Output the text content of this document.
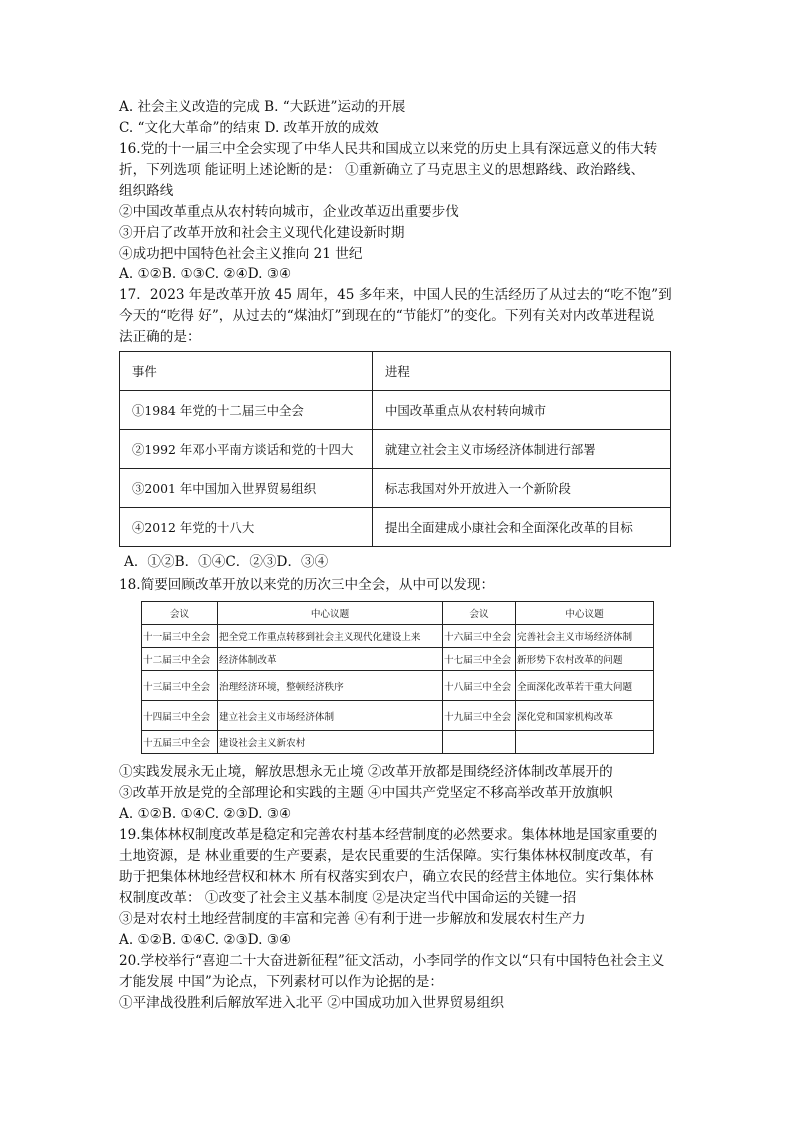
A. 社会主义改造的完成 B. “大跃进”运动的开展
C. “文化大革命”的结束 D. 改革开放的成效
16.党的十一届三中全会实现了中华人民共和国成立以来党的历史上具有深远意义的伟大转
折，下列选项 能证明上述论断的是： ①重新确立了马克思主义的思想路线、政治路线、
组织路线
②中国改革重点从农村转向城市，企业改革迈出重要步伐
③开启了改革开放和社会主义现代化建设新时期
④成功把中国特色社会主义推向 21 世纪
A. ①②B. ①③C. ②④D. ③④
17．2023 年是改革开放 45 周年，45 多年来，中国人民的生活经历了从过去的“吃不饱”到
今天的“吃得 好”，从过去的“煤油灯”到现在的“节能灯”的变化。下列有关对内改革进程说
法正确的是：
事件	进程
①1984 年党的十二届三中全会	中国改革重点从农村转向城市
②1992 年邓小平南方谈话和党的十四大	就建立社会主义市场经济体制进行部署
③2001 年中国加入世界贸易组织	标志我国对外开放进入一个新阶段
④2012 年党的十八大	提出全面建成小康社会和全面深化改革的目标
A．①②B．①④C．②③D．③④
18.简要回顾改革开放以来党的历次三中全会，从中可以发现：
会议	中心议题	会议	中心议题
十一届三中全会	把全党工作重点转移到社会主义现代化建设上来	十六届三中全会	完善社会主义市场经济体制
十二届三中全会	经济体制改革	十七届三中全会	新形势下农村改革的问题
十三届三中全会	治理经济环境，整顿经济秩序	十八届三中全会	全面深化改革若干重大问题
十四届三中全会	建立社会主义市场经济体制	十九届三中全会	深化党和国家机构改革
十五届三中全会	建设社会主义新农村		
①实践发展永无止境，解放思想永无止境 ②改革开放都是围绕经济体制改革展开的
③改革开放是党的全部理论和实践的主题 ④中国共产党坚定不移高举改革开放旗帜
A. ①②B. ①④C. ②③D. ③④
19.集体林权制度改革是稳定和完善农村基本经营制度的必然要求。集体林地是国家重要的
土地资源，是 林业重要的生产要素，是农民重要的生活保障。实行集体林权制度改革，有
助于把集体林地经营权和林木 所有权落实到农户，确立农民的经营主体地位。实行集体林
权制度改革： ①改变了社会主义基本制度 ②是决定当代中国命运的关键一招
③是对农村土地经营制度的丰富和完善 ④有利于进一步解放和发展农村生产力
A. ①②B. ①④C. ②③D. ③④
20.学校举行“喜迎二十大奋进新征程”征文活动，小李同学的作文以“只有中国特色社会主义
才能发展 中国”为论点，下列素材可以作为论据的是：
①平津战役胜利后解放军进入北平 ②中国成功加入世界贸易组织
